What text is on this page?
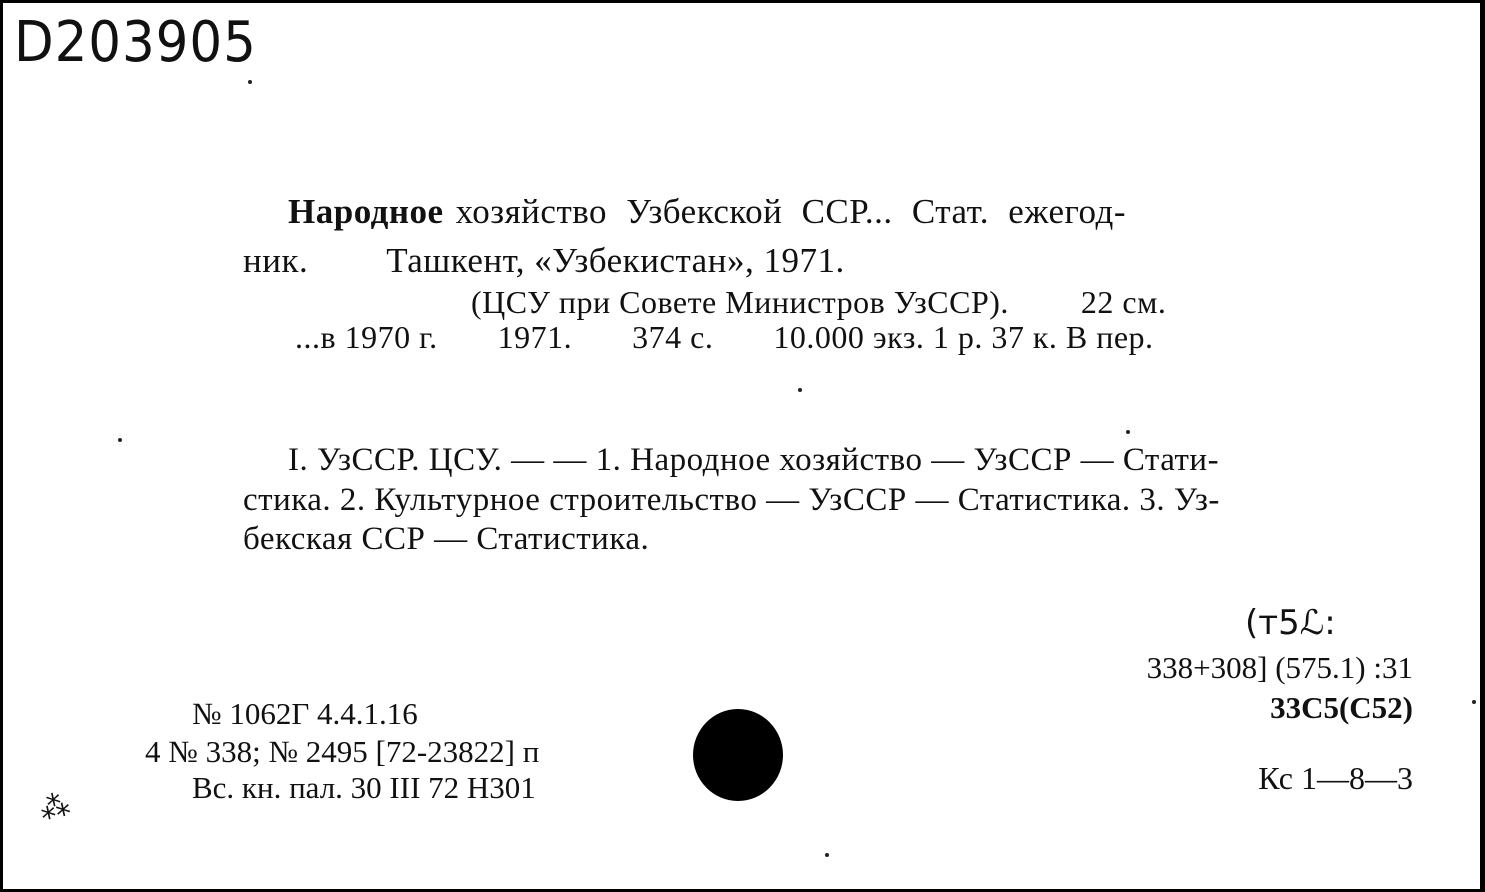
D203905
Народное хозяйство Узбекской ССР... Стат. ежегод-
ник. Ташкент, «Узбекистан», 1971.
(ЦСУ при Совете Министров УзССР). 22 см.
...в 1970 г. 1971. 374 с. 10.000 экз. 1 р. 37 к. В пер.
I. УзССР. ЦСУ. — — 1. Народное хозяйство — УзССР — Стати-
стика. 2. Культурное строительство — УзССР — Статистика. 3. Уз-
бекская ССР — Статистика.
(т5ℒ:
338+308] (575.1) :31
33С5(С52)
Кс 1—8—3
№ 1062Г 4.4.1.16
4 № 338; № 2495 [72-23822] п
Вс. кн. пал. 30 III 72 Н301
⁂
